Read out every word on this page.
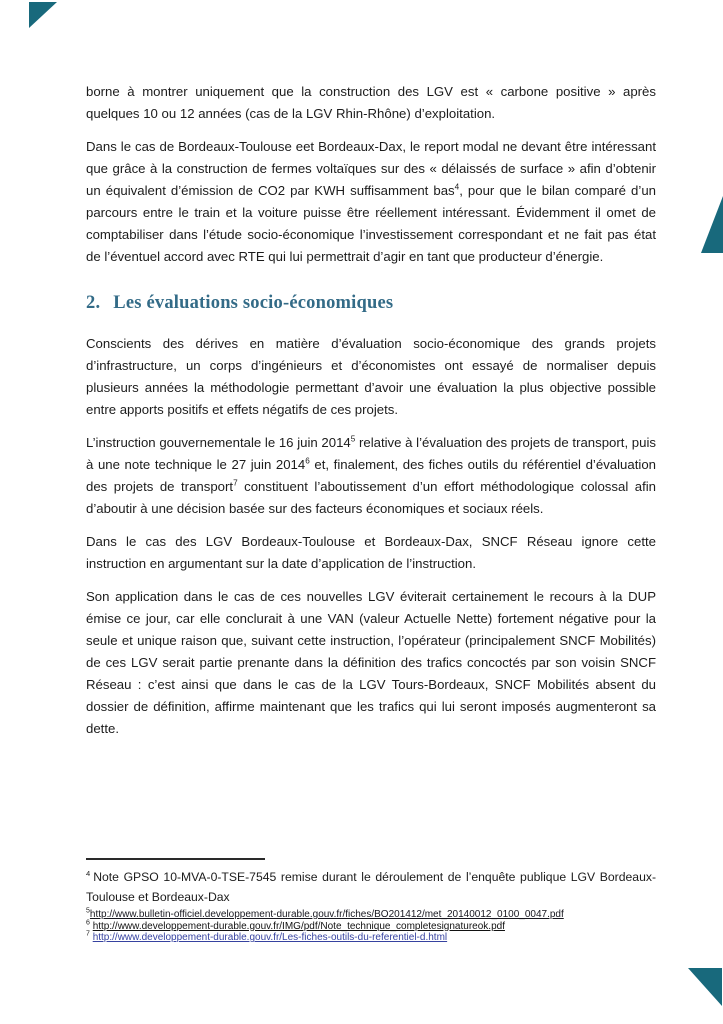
borne à montrer uniquement que la construction des LGV est « carbone positive » après quelques 10 ou 12 années (cas de la LGV Rhin-Rhône) d’exploitation.

Dans le cas de Bordeaux-Toulouse eet Bordeaux-Dax, le report modal ne devant être intéressant que grâce à la construction de fermes voltaïques sur des « délaissés de surface » afin d’obtenir un équivalent d’émission de CO2 par KWH suffisamment bas$^4$, pour que le bilan comparé d’un parcours entre le train et la voiture puisse être réellement intéressant. Évidemment il omet de comptabiliser dans l’étude socio-économique l’investissement correspondant et ne fait pas état de l’éventuel accord avec RTE qui lui permettrait d’agir en tant que producteur d’énergie.

2. Les évaluations socio-économiques

Conscients des dérives en matière d’évaluation socio-économique des grands projets d’infrastructure, un corps d’ingénieurs et d’économistes ont essayé de normaliser depuis plusieurs années la méthodologie permettant d’avoir une évaluation la plus objective possible entre apports positifs et effets négatifs de ces projets.

L’instruction gouvernementale le 16 juin 2014$^5$ relative à l’évaluation des projets de transport, puis à une note technique le 27 juin 2014$^6$ et, finalement, des fiches outils du référentiel d’évaluation des projets de transport$^7$ constituent l’aboutissement d’un effort méthodologique colossal afin d’aboutir à une décision basée sur des facteurs économiques et sociaux réels.

Dans le cas des LGV Bordeaux-Toulouse et Bordeaux-Dax, SNCF Réseau ignore cette instruction en argumentant sur la date d’application de l’instruction.

Son application dans le cas de ces nouvelles LGV éviterait certainement le recours à la DUP émise ce jour, car elle conclurait à une VAN (valeur Actuelle Nette) fortement négative pour la seule et unique raison que, suivant cette instruction, l’opérateur (principalement SNCF Mobilités) de ces LGV serait partie prenante dans la définition des trafics concoctés par son voisin SNCF Réseau : c’est ainsi que dans le cas de la LGV Tours-Bordeaux, SNCF Mobilités absent du dossier de définition, affirme maintenant que les trafics qui lui seront imposés augmenteront sa dette.

$^4$ Note GPSO 10-MVA-0-TSE-7545 remise durant le déroulement de l’enquête publique LGV Bordeaux-Toulouse et Bordeaux-Dax

$^5$http://www.bulletin-officiel.developpement-durable.gouv.fr/fiches/BO201412/met_20140012_0100_0047.pdf

$^6$ http://www.developpement-durable.gouv.fr/IMG/pdf/Note_technique_completesignatureok.pdf

$^7$ http://www.developpement-durable.gouv.fr/Les-fiches-outils-du-referentiel-d.html
